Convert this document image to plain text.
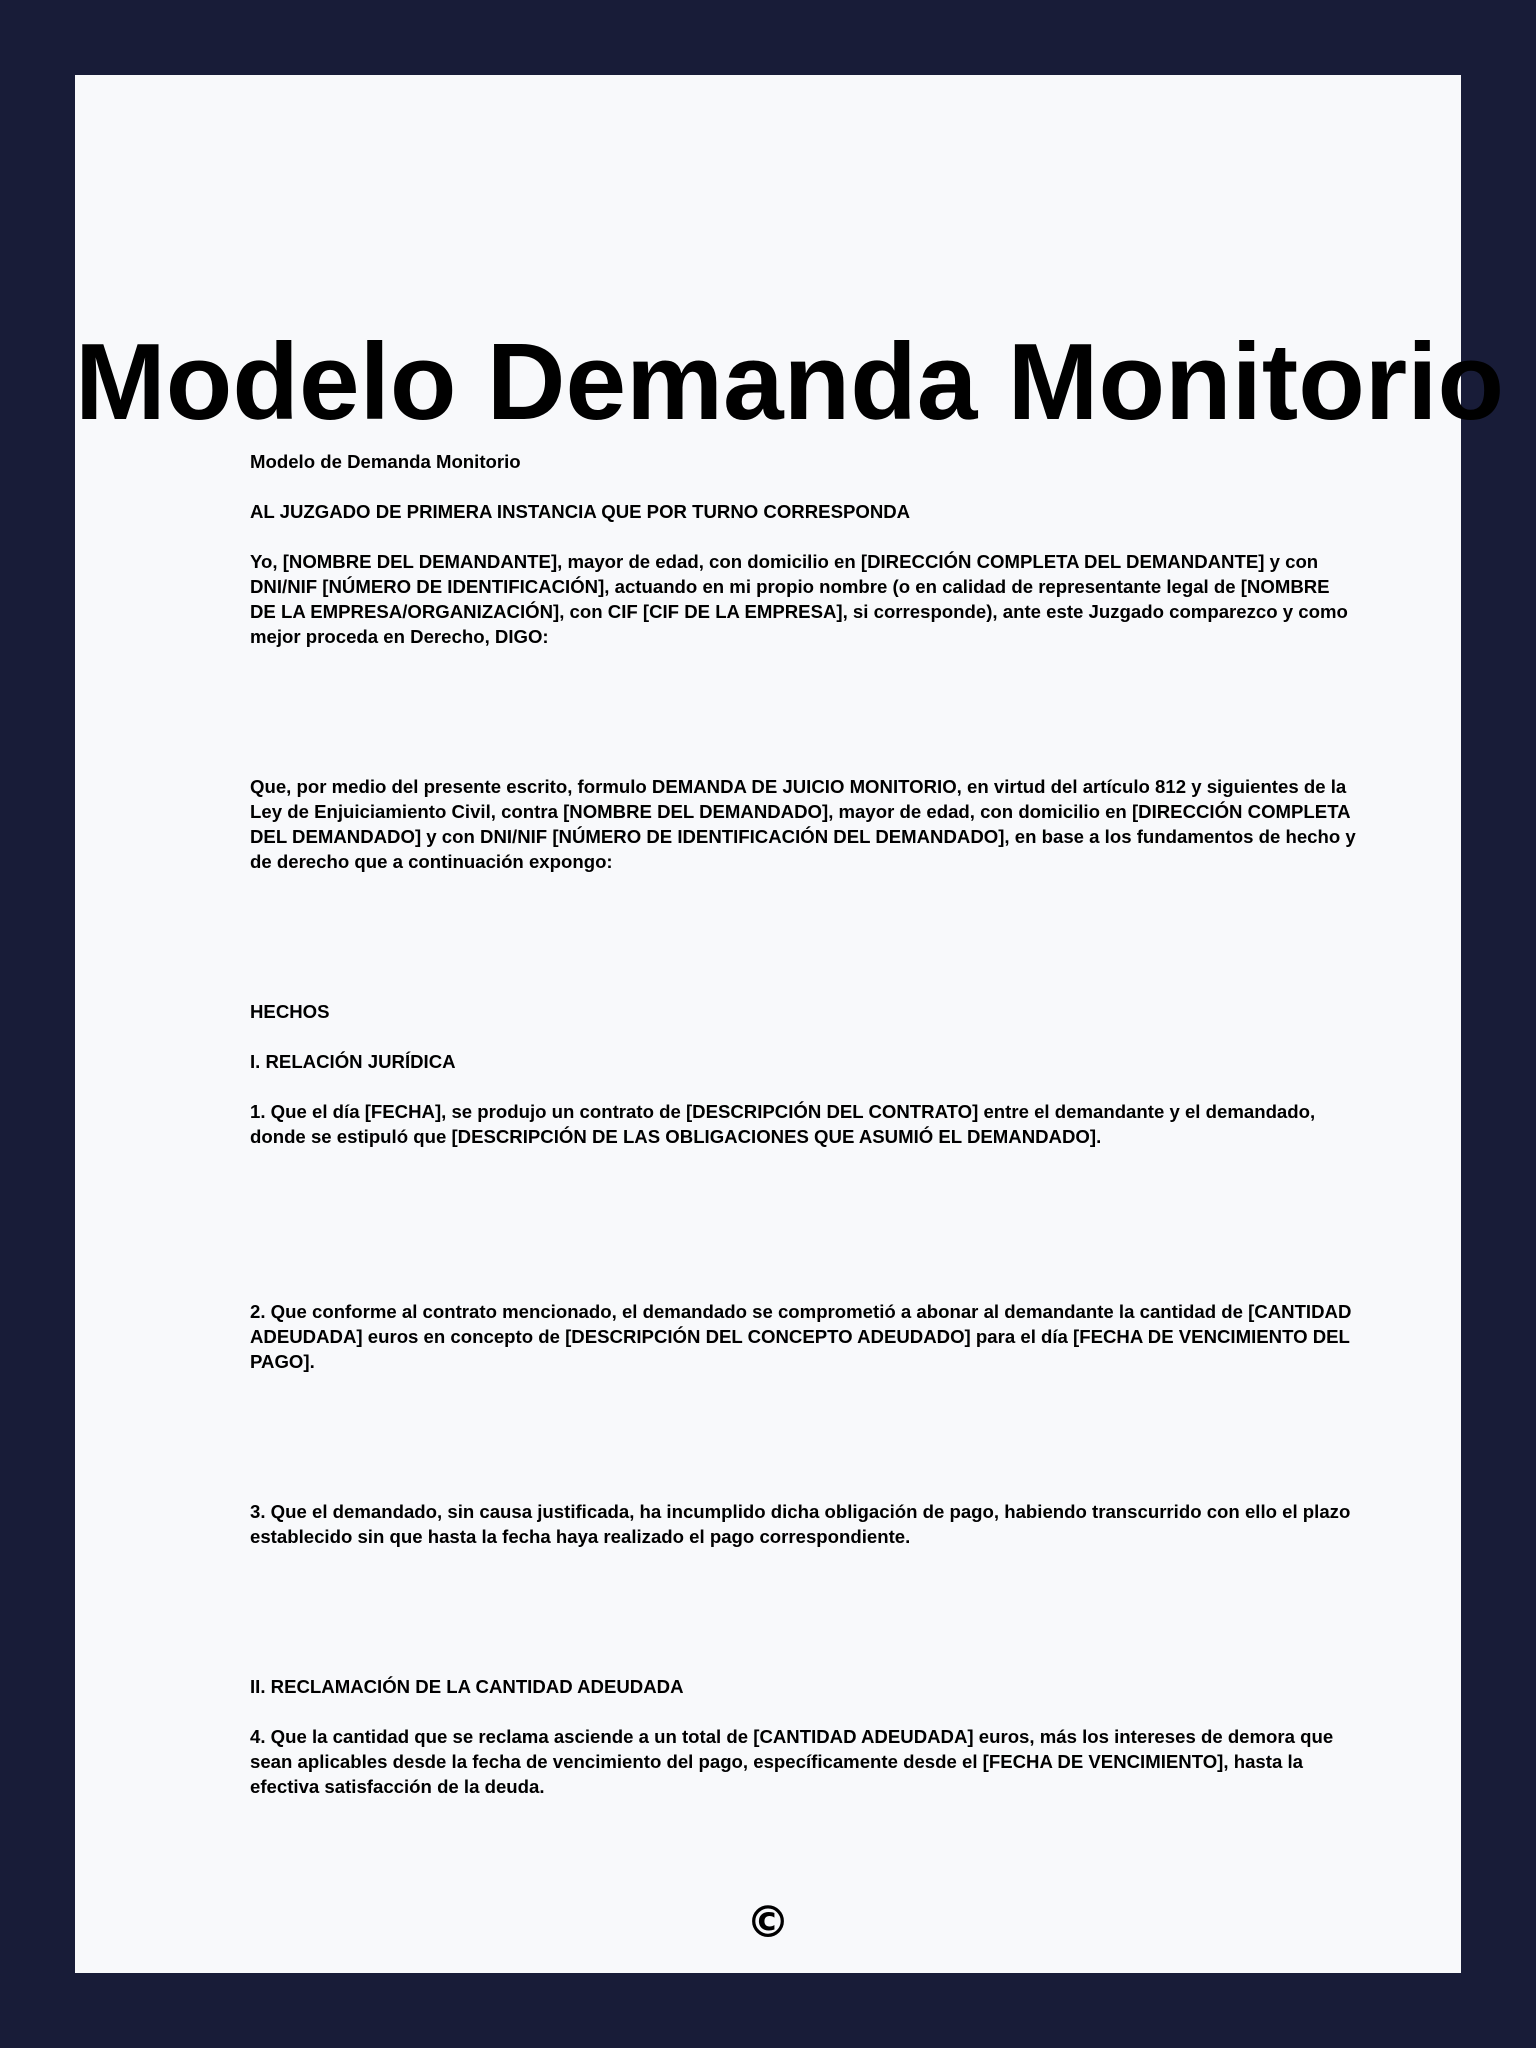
Modelo Demanda Monitorio

Modelo de Demanda Monitorio

AL JUZGADO DE PRIMERA INSTANCIA QUE POR TURNO CORRESPONDA

Yo, [NOMBRE DEL DEMANDANTE], mayor de edad, con domicilio en [DIRECCIÓN COMPLETA DEL DEMANDANTE] y con DNI/NIF [NÚMERO DE IDENTIFICACIÓN], actuando en mi propio nombre (o en calidad de representante legal de [NOMBRE DE LA EMPRESA/ORGANIZACIÓN], con CIF [CIF DE LA EMPRESA], si corresponde), ante este Juzgado comparezco y como mejor proceda en Derecho, DIGO:

Que, por medio del presente escrito, formulo DEMANDA DE JUICIO MONITORIO, en virtud del artículo 812 y siguientes de la Ley de Enjuiciamiento Civil, contra [NOMBRE DEL DEMANDADO], mayor de edad, con domicilio en [DIRECCIÓN COMPLETA DEL DEMANDADO] y con DNI/NIF [NÚMERO DE IDENTIFICACIÓN DEL DEMANDADO], en base a los fundamentos de hecho y de derecho que a continuación expongo:

HECHOS

I. RELACIÓN JURÍDICA

1. Que el día [FECHA], se produjo un contrato de [DESCRIPCIÓN DEL CONTRATO] entre el demandante y el demandado, donde se estipuló que [DESCRIPCIÓN DE LAS OBLIGACIONES QUE ASUMIÓ EL DEMANDADO].

2. Que conforme al contrato mencionado, el demandado se comprometió a abonar al demandante la cantidad de [CANTIDAD ADEUDADA] euros en concepto de [DESCRIPCIÓN DEL CONCEPTO ADEUDADO] para el día [FECHA DE VENCIMIENTO DEL PAGO].

3. Que el demandado, sin causa justificada, ha incumplido dicha obligación de pago, habiendo transcurrido con ello el plazo establecido sin que hasta la fecha haya realizado el pago correspondiente.

II. RECLAMACIÓN DE LA CANTIDAD ADEUDADA

4. Que la cantidad que se reclama asciende a un total de [CANTIDAD ADEUDADA] euros, más los intereses de demora que sean aplicables desde la fecha de vencimiento del pago, específicamente desde el [FECHA DE VENCIMIENTO], hasta la efectiva satisfacción de la deuda.

©
